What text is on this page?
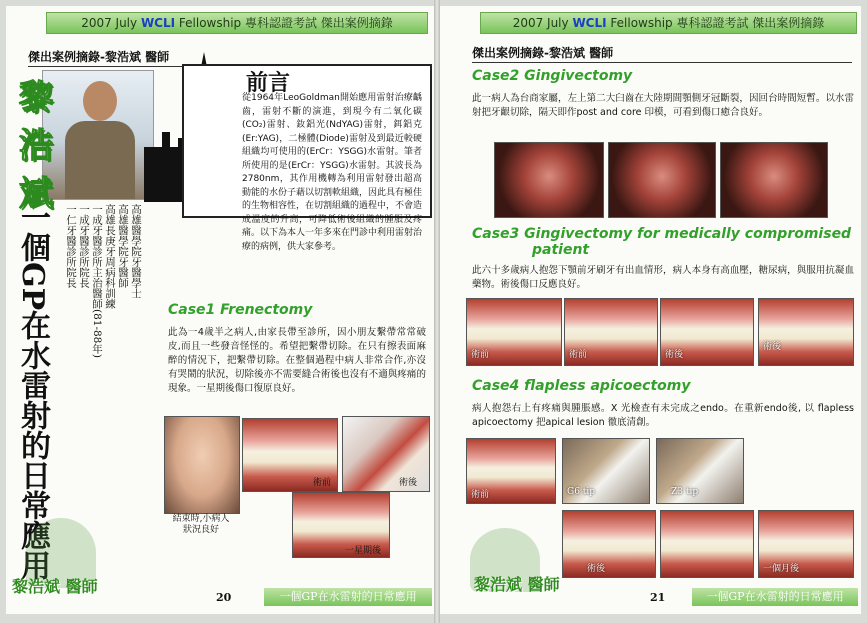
2007 July WCLI Fellowship 專科認證考試 傑出案例摘錄
傑出案例摘錄-黎浩斌 醫師
黎浩斌
前言
從1964年LeoGoldman開始應用雷射治療齲齒，雷射不斷的演進，到現今有二氧化碳(CO₂)雷射、釹鋁光(NdYAG)雷射，鉺鋁克(Er:YAG)，二極體(Diode)雷射及到最近較硬組織均可使用的(ErCr：YSGG)水雷射。筆者所使用的是(ErCr：YSGG)水雷射。其波長為2780nm，其作用機轉為利用雷射發出超高動能的水份子藉以切割軟組織，因此具有極佳的生物相容性，在切割組織的過程中，不會造成溫度的升高，可降低術後組織的腫脹及疼痛。以下為本人一年多來在門診中利用雷射治療的病例，供大家參考。
一個GP在水雷射的日常應用	高雄醫學院牙醫學士
高雄醫學院牙醫師
高雄長庚牙周病科訓練
一成牙醫診所主治醫師(81-88年)
一成牙醫診所院長
一仁牙醫診所院長
Case1 Frenectomy
此為一4歲半之病人,由家長帶至診所，因小朋友繫帶常常破皮,而且一些發音怪怪的。希望把繫帶切除。在只有擦表面麻醉的情況下，把繫帶切除。在整個過程中病人非常合作,亦沒有哭鬧的狀況，切除後亦不需要縫合術後也沒有不適與疼痛的現象。一星期後傷口復原良好。
結束時,小病人
狀況良好
術前	術後
一星期後
黎浩斌 醫師
20	一個GP在水雷射的日常應用
2007 July WCLI Fellowship 專科認證考試 傑出案例摘錄
傑出案例摘錄-黎浩斌 醫師
Case2 Gingivectomy
此一病人為台商家屬，左上第二大臼齒在大陸期間顎側牙冠斷裂，因回台時間短暫。以水雷射把牙齦切除，隔天即作post and core 印模，可看到傷口癒合良好。
Case3 Gingivectomy for medically compromised
patient
此六十多歲病人抱怨下顎前牙刷牙有出血情形，病人本身有高血壓，糖尿病，與服用抗凝血藥物。術後傷口反應良好。
術前	術前	術後
術後
Case4 flapless apicoectomy
病人抱怨右上有疼痛與腫脹感。X 光檢查有未完成之endo。在重新endo後, 以 flapless apicoectomy 把apical lesion 徹底清創。
術前	G6 tip	Z3 tip
術後	一個月後
黎浩斌 醫師
21	一個GP在水雷射的日常應用
